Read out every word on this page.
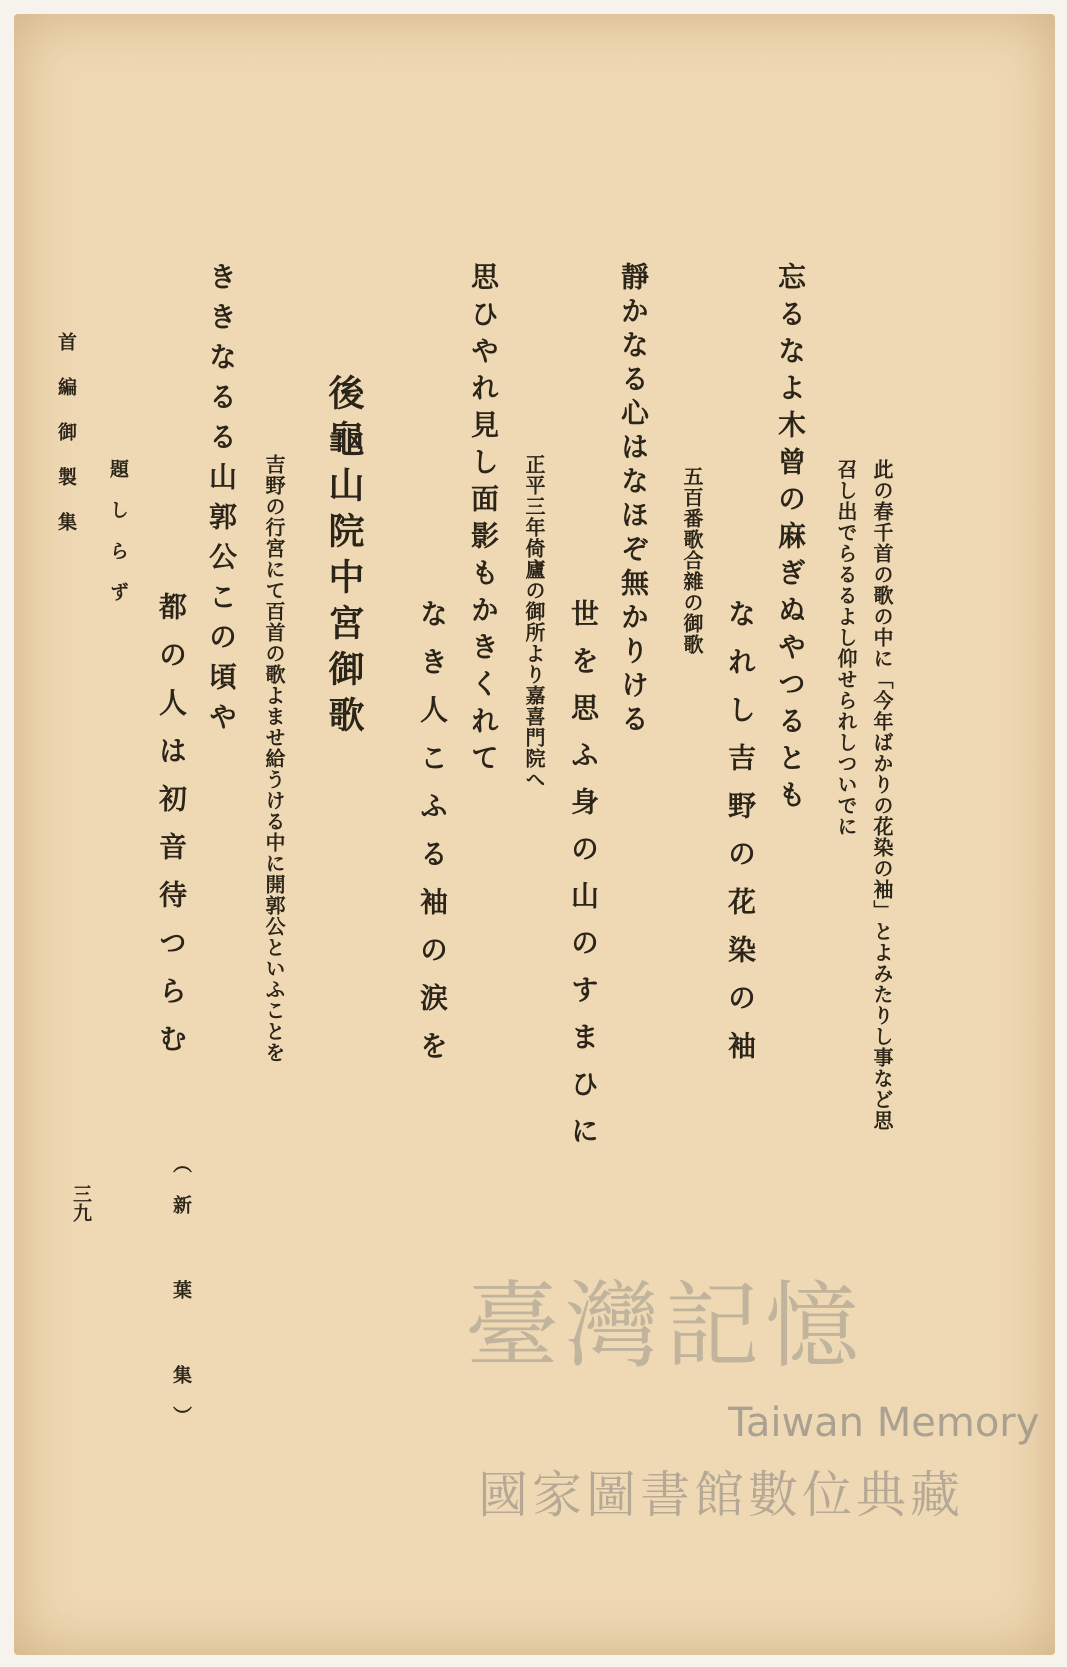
此の春千首の歌の中に「今年ばかりの花染の袖」とよみたりし事など思
召し出でらるるよし仰せられしついでに
忘るなよ木曾の麻ぎぬやつるとも
なれし吉野の花染の袖
五百番歌合雜の御歌
靜かなる心はなほぞ無かりける
世を思ふ身の山のすまひに
正平三年倚廬の御所より嘉喜門院へ
思ひやれ見し面影もかきくれて
なき人こふる袖の涙を
後龜山院中宮御歌
吉野の行宮にて百首の歌よませ給うける中に開郭公といふことを
ききなるる山郭公この頃や
都の人は初音待つらむ
題しらず
（新 葉 集）
首編御製集
三九
臺灣記憶
Taiwan Memory
國家圖書館數位典藏
